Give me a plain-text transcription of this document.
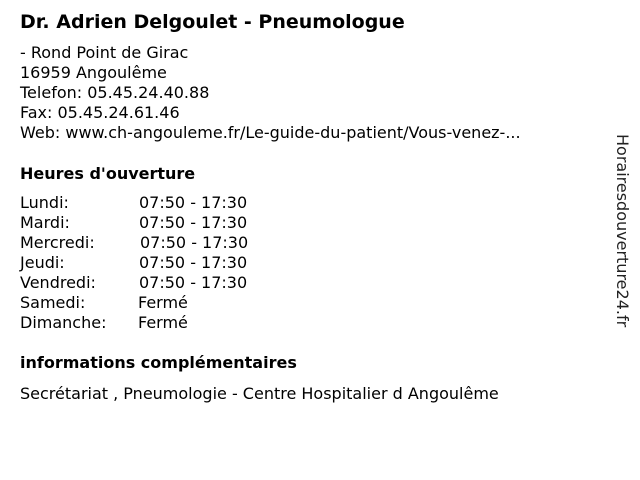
Dr. Adrien Delgoulet - Pneumologue
- Rond Point de Girac
16959 Angoulême
Telefon: 05.45.24.40.88
Fax: 05.45.24.61.46
Web: www.ch-angouleme.fr/Le-guide-du-patient/Vous-venez-...
Heures d'ouverture
Lundi:	07:50 - 17:30
Mardi:	07:50 - 17:30
Mercredi:	07:50 - 17:30
Jeudi:	07:50 - 17:30
Vendredi:	07:50 - 17:30
Samedi:	Fermé
Dimanche: Fermé
informations complémentaires
Secrétariat , Pneumologie - Centre Hospitalier d Angoulême
Horairesdouverture24.fr
